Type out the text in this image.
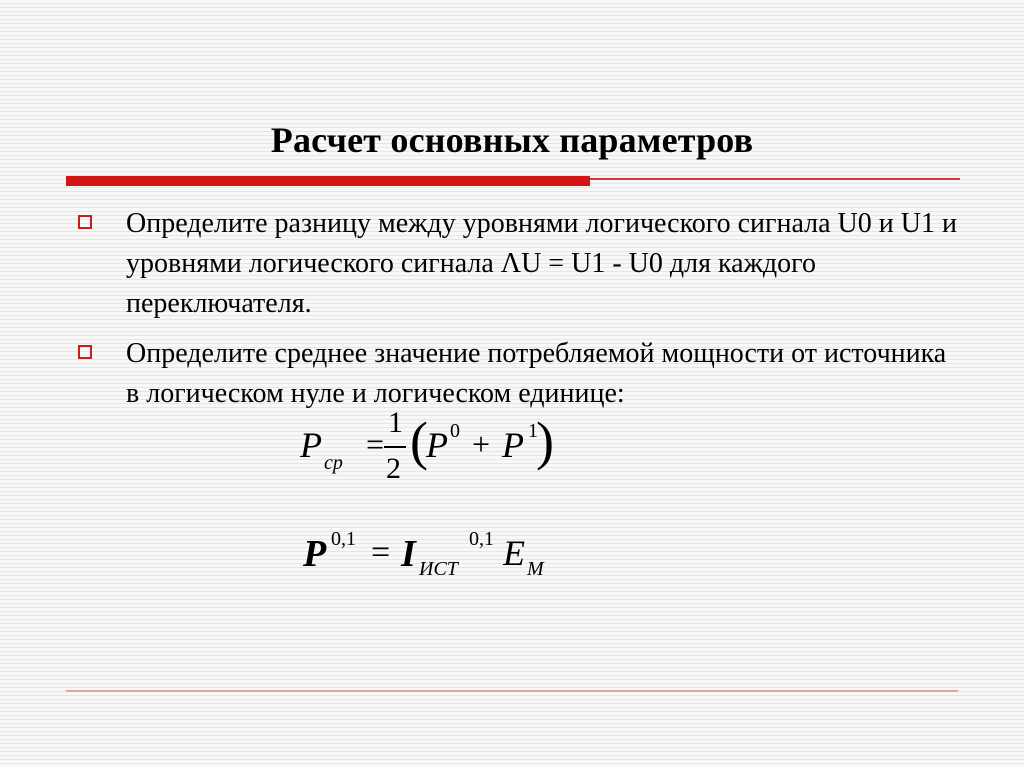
Расчет основных параметров
Определите разницу между уровнями логического сигнала U0 и U1 и уровнями логического сигнала ΛU = U1 - U0 для каждого переключателя.
Определите среднее значение потребляемой мощности от источника в логическом нуле и логическом единице:
P ср
=
1
2 (
P 0 + P 1
)
P 0,1 = I ИСТ
0,1 E M
